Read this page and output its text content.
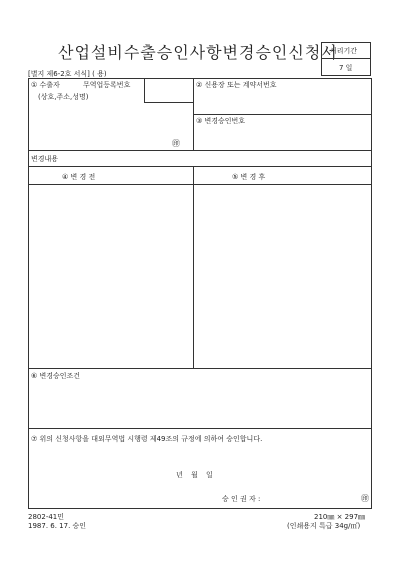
산업설비수출승인사항변경승인신청서
처리기간
7 일
[별지 제6-2호 서식] ( 용)
① 수출자	무역업등록번호
(상호,주소,성명)
㊞
② 신용장 또는 계약서번호
③ 변경승인번호
변경내용
④ 변 경 전	⑤ 변 경 후
⑥ 변경승인조건
⑦ 위의 신청사항을 대외무역법 시행령 제49조의 규정에 의하여 승인합니다.
년 월 일
승 인 권 자 :	㊞
2802-41민
1987. 6. 17. 승인
210㎜ × 297㎜
(인쇄용지 특급 34g/㎡)
